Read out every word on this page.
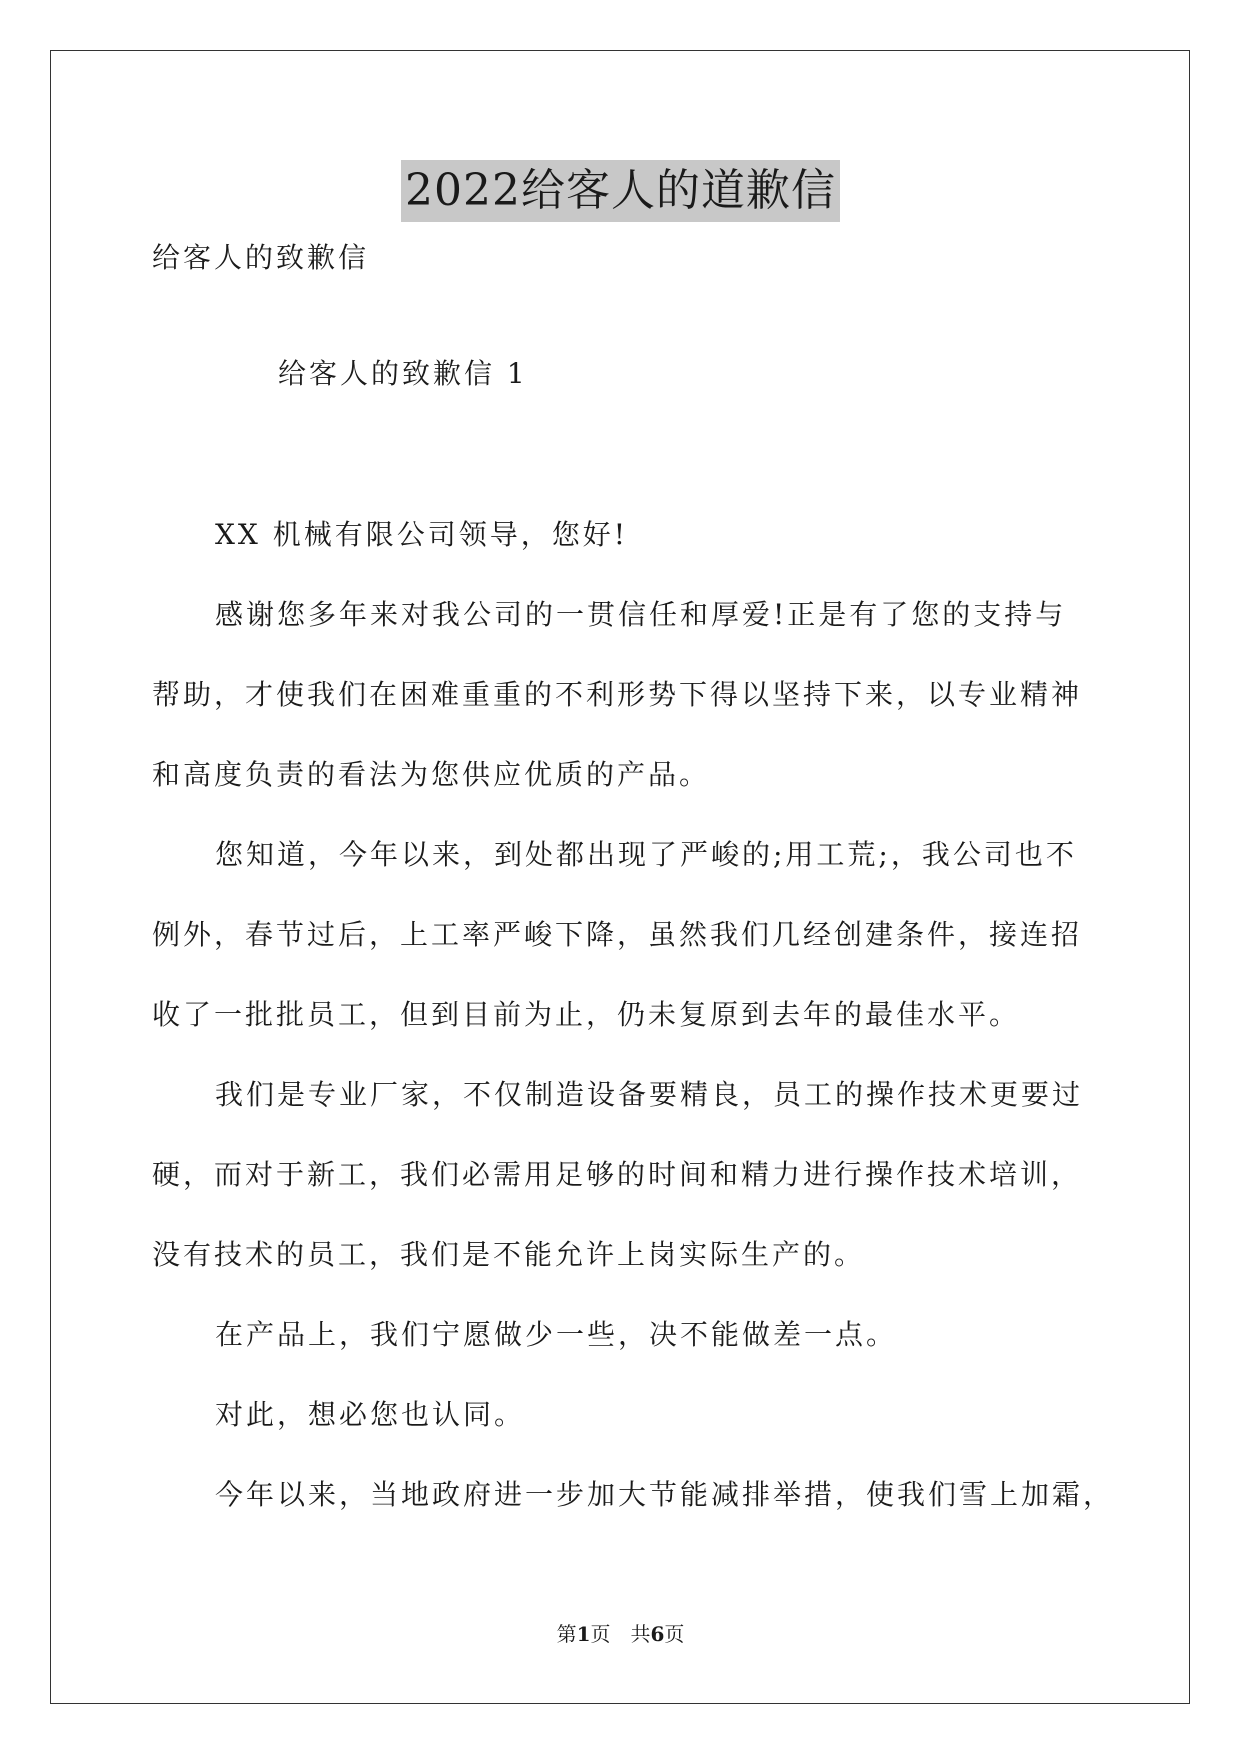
2022给客人的道歉信
给客人的致歉信
给客人的致歉信 1
XX 机械有限公司领导，您好!
感谢您多年来对我公司的一贯信任和厚爱!正是有了您的支持与
帮助，才使我们在困难重重的不利形势下得以坚持下来，以专业精神
和高度负责的看法为您供应优质的产品。
您知道，今年以来，到处都出现了严峻的;用工荒;，我公司也不
例外，春节过后，上工率严峻下降，虽然我们几经创建条件，接连招
收了一批批员工，但到目前为止，仍未复原到去年的最佳水平。
我们是专业厂家，不仅制造设备要精良，员工的操作技术更要过
硬，而对于新工，我们必需用足够的时间和精力进行操作技术培训，
没有技术的员工，我们是不能允许上岗实际生产的。
在产品上，我们宁愿做少一些，决不能做差一点。
对此，想必您也认同。
今年以来，当地政府进一步加大节能减排举措，使我们雪上加霜，
第1页　共6页
